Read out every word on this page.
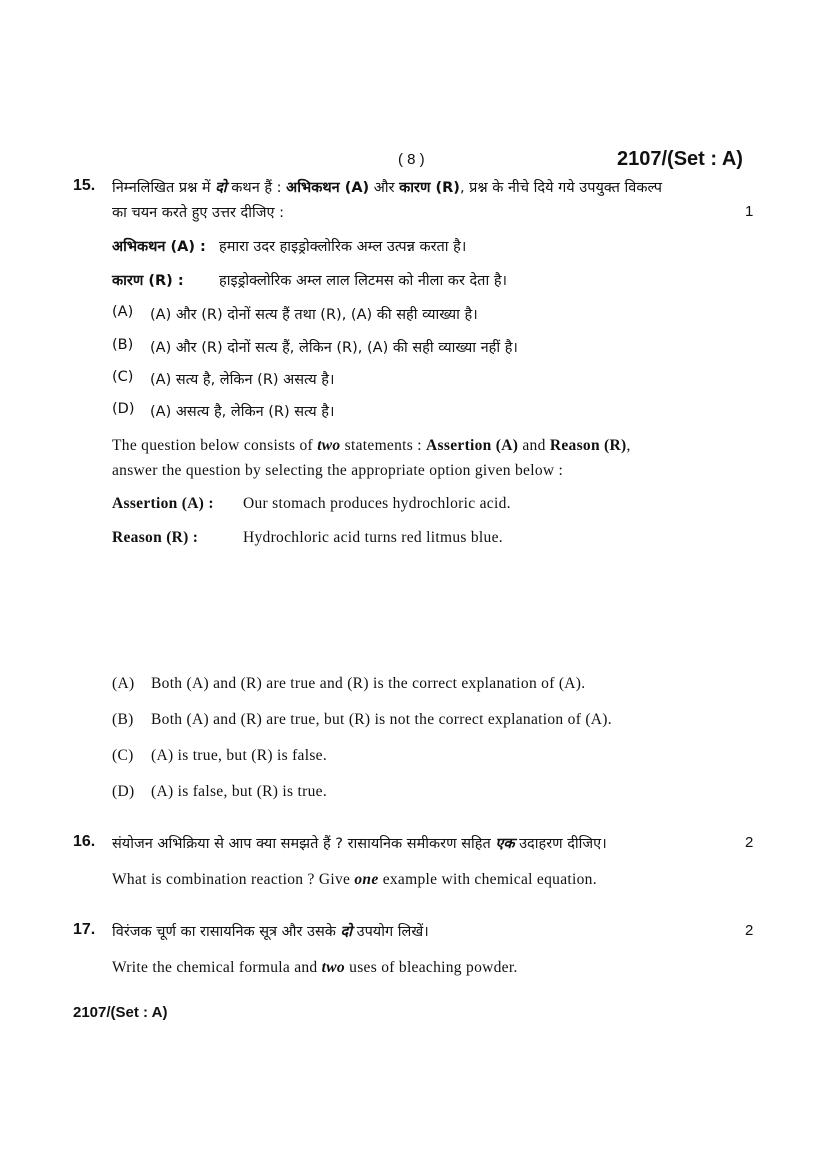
( 8 )	2107/(Set : A)
15. निम्नलिखित प्रश्न में दो कथन हैं : अभिकथन (A) और कारण (R), प्रश्न के नीचे दिये गये उपयुक्त विकल्प
का चयन करते हुए उत्तर दीजिए :	1
अभिकथन (A) : हमारा उदर हाइड्रोक्लोरिक अम्ल उत्पन्न करता है।
कारण (R) : हाइड्रोक्लोरिक अम्ल लाल लिटमस को नीला कर देता है।
(A) (A) और (R) दोनों सत्य हैं तथा (R), (A) की सही व्याख्या है।
(B) (A) और (R) दोनों सत्य हैं, लेकिन (R), (A) की सही व्याख्या नहीं है।
(C) (A) सत्य है, लेकिन (R) असत्य है।
(D) (A) असत्य है, लेकिन (R) सत्य है।
The question below consists of two statements : Assertion (A) and Reason (R),
answer the question by selecting the appropriate option given below :
Assertion (A) : Our stomach produces hydrochloric acid.
Reason (R) :	Hydrochloric acid turns red litmus blue.
(A) Both (A) and (R) are true and (R) is the correct explanation of (A).
(B) Both (A) and (R) are true, but (R) is not the correct explanation of (A).
(C) (A) is true, but (R) is false.
(D) (A) is false, but (R) is true.
16. संयोजन अभिक्रिया से आप क्या समझते हैं ? रासायनिक समीकरण सहित एक उदाहरण दीजिए।	2
What is combination reaction ? Give one example with chemical equation.
17. विरंजक चूर्ण का रासायनिक सूत्र और उसके दो उपयोग लिखें।	2
Write the chemical formula and two uses of bleaching powder.
2107/(Set : A)
